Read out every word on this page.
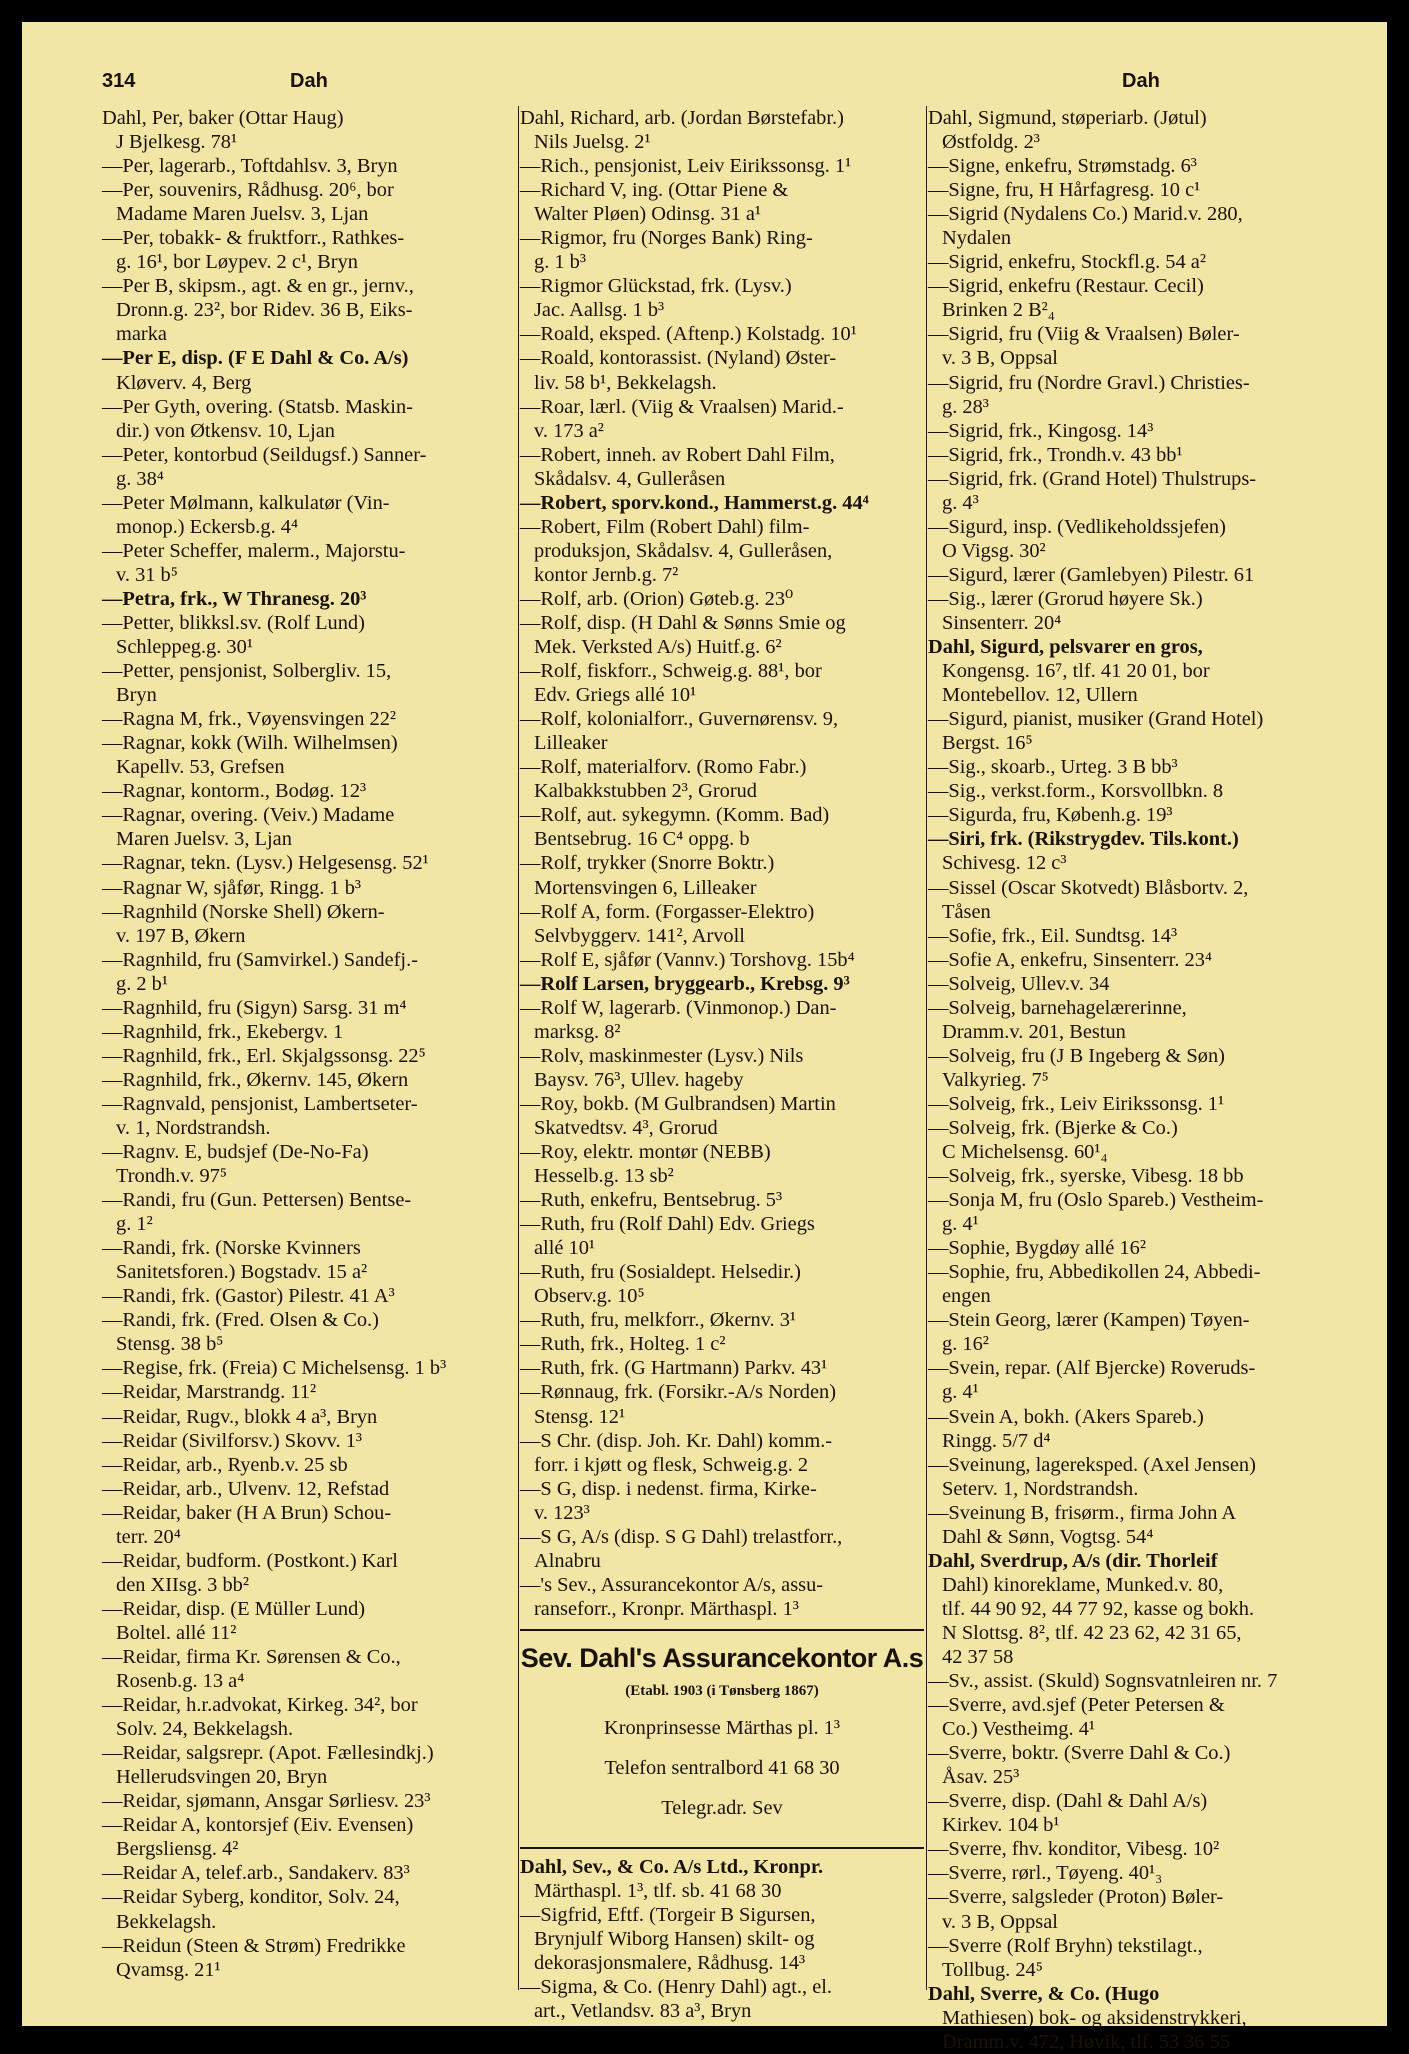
314	Dah	Dah
Dahl, Per, baker (Ottar Haug)
J Bjelkesg. 78¹
—Per, lagerarb., Toftdahlsv. 3, Bryn
—Per, souvenirs, Rådhusg. 20⁶, bor
Madame Maren Juelsv. 3, Ljan
—Per, tobakk- & fruktforr., Rathkes-
g. 16¹, bor Løypev. 2 c¹, Bryn
—Per B, skipsm., agt. & en gr., jernv.,
Dronn.g. 23², bor Ridev. 36 B, Eiks-
marka
—Per E, disp. (F E Dahl & Co. A/s)
Kløverv. 4, Berg
—Per Gyth, overing. (Statsb. Maskin-
dir.) von Øtkensv. 10, Ljan
—Peter, kontorbud (Seildugsf.) Sanner-
g. 38⁴
—Peter Mølmann, kalkulatør (Vin-
monop.) Eckersb.g. 4⁴
—Peter Scheffer, malerm., Majorstu-
v. 31 b⁵
—Petra, frk., W Thranesg. 20³
—Petter, blikksl.sv. (Rolf Lund)
Schleppeg.g. 30¹
—Petter, pensjonist, Solbergliv. 15,
Bryn
—Ragna M, frk., Vøyensvingen 22²
—Ragnar, kokk (Wilh. Wilhelmsen)
Kapellv. 53, Grefsen
—Ragnar, kontorm., Bodøg. 12³
—Ragnar, overing. (Veiv.) Madame
Maren Juelsv. 3, Ljan
—Ragnar, tekn. (Lysv.) Helgesensg. 52¹
—Ragnar W, sjåfør, Ringg. 1 b³
—Ragnhild (Norske Shell) Økern-
v. 197 B, Økern
—Ragnhild, fru (Samvirkel.) Sandefj.-
g. 2 b¹
—Ragnhild, fru (Sigyn) Sarsg. 31 m⁴
—Ragnhild, frk., Ekebergv. 1
—Ragnhild, frk., Erl. Skjalgssonsg. 22⁵
—Ragnhild, frk., Økernv. 145, Økern
—Ragnvald, pensjonist, Lambertseter-
v. 1, Nordstrandsh.
—Ragnv. E, budsjef (De-No-Fa)
Trondh.v. 97⁵
—Randi, fru (Gun. Pettersen) Bentse-
g. 1²
—Randi, frk. (Norske Kvinners
Sanitetsforen.) Bogstadv. 15 a²
—Randi, frk. (Gastor) Pilestr. 41 A³
—Randi, frk. (Fred. Olsen & Co.)
Stensg. 38 b⁵
—Regise, frk. (Freia) C Michelsensg. 1 b³
—Reidar, Marstrandg. 11²
—Reidar, Rugv., blokk 4 a³, Bryn
—Reidar (Sivilforsv.) Skovv. 1³
—Reidar, arb., Ryenb.v. 25 sb
—Reidar, arb., Ulvenv. 12, Refstad
—Reidar, baker (H A Brun) Schou-
terr. 20⁴
—Reidar, budform. (Postkont.) Karl
den XIIsg. 3 bb²
—Reidar, disp. (E Müller Lund)
Boltel. allé 11²
—Reidar, firma Kr. Sørensen & Co.,
Rosenb.g. 13 a⁴
—Reidar, h.r.advokat, Kirkeg. 34², bor
Solv. 24, Bekkelagsh.
—Reidar, salgsrepr. (Apot. Fællesindkj.)
Hellerudsvingen 20, Bryn
—Reidar, sjømann, Ansgar Sørliesv. 23³
—Reidar A, kontorsjef (Eiv. Evensen)
Bergsliensg. 4²
—Reidar A, telef.arb., Sandakerv. 83³
—Reidar Syberg, konditor, Solv. 24,
Bekkelagsh.
—Reidun (Steen & Strøm) Fredrikke
Qvamsg. 21¹
Dahl, Richard, arb. (Jordan Børstefabr.)
Nils Juelsg. 2¹
—Rich., pensjonist, Leiv Eirikssonsg. 1¹
—Richard V, ing. (Ottar Piene &
Walter Pløen) Odinsg. 31 a¹
—Rigmor, fru (Norges Bank) Ring-
g. 1 b³
—Rigmor Glückstad, frk. (Lysv.)
Jac. Aallsg. 1 b³
—Roald, eksped. (Aftenp.) Kolstadg. 10¹
—Roald, kontorassist. (Nyland) Øster-
liv. 58 b¹, Bekkelagsh.
—Roar, lærl. (Viig & Vraalsen) Marid.-
v. 173 a²
—Robert, inneh. av Robert Dahl Film,
Skådalsv. 4, Gulleråsen
—Robert, sporv.kond., Hammerst.g. 44⁴
—Robert, Film (Robert Dahl) film-
produksjon, Skådalsv. 4, Gulleråsen,
kontor Jernb.g. 7²
—Rolf, arb. (Orion) Gøteb.g. 23⁰
—Rolf, disp. (H Dahl & Sønns Smie og
Mek. Verksted A/s) Huitf.g. 6²
—Rolf, fiskforr., Schweig.g. 88¹, bor
Edv. Griegs allé 10¹
—Rolf, kolonialforr., Guvernørensv. 9,
Lilleaker
—Rolf, materialforv. (Romo Fabr.)
Kalbakkstubben 2³, Grorud
—Rolf, aut. sykegymn. (Komm. Bad)
Bentsebrug. 16 C⁴ oppg. b
—Rolf, trykker (Snorre Boktr.)
Mortensvingen 6, Lilleaker
—Rolf A, form. (Forgasser-Elektro)
Selvbyggerv. 141², Arvoll
—Rolf E, sjåfør (Vannv.) Torshovg. 15b⁴
—Rolf Larsen, bryggearb., Krebsg. 9³
—Rolf W, lagerarb. (Vinmonop.) Dan-
marksg. 8²
—Rolv, maskinmester (Lysv.) Nils
Baysv. 76³, Ullev. hageby
—Roy, bokb. (M Gulbrandsen) Martin
Skatvedtsv. 4³, Grorud
—Roy, elektr. montør (NEBB)
Hesselb.g. 13 sb²
—Ruth, enkefru, Bentsebrug. 5³
—Ruth, fru (Rolf Dahl) Edv. Griegs
allé 10¹
—Ruth, fru (Sosialdept. Helsedir.)
Observ.g. 10⁵
—Ruth, fru, melkforr., Økernv. 3¹
—Ruth, frk., Holteg. 1 c²
—Ruth, frk. (G Hartmann) Parkv. 43¹
—Rønnaug, frk. (Forsikr.-A/s Norden)
Stensg. 12¹
—S Chr. (disp. Joh. Kr. Dahl) komm.-
forr. i kjøtt og flesk, Schweig.g. 2
—S G, disp. i nedenst. firma, Kirke-
v. 123³
—S G, A/s (disp. S G Dahl) trelastforr.,
Alnabru
—'s Sev., Assurancekontor A/s, assu-
ranseforr., Kronpr. Märthaspl. 1³
Sev. Dahl's Assurancekontor A.s
(Etabl. 1903 (i Tønsberg 1867)
Kronprinsesse Märthas pl. 1³
Telefon sentralbord 41 68 30
Telegr.adr. Sev
Dahl, Sev., & Co. A/s Ltd., Kronpr.
Märthaspl. 1³, tlf. sb. 41 68 30
—Sigfrid, Eftf. (Torgeir B Sigursen,
Brynjulf Wiborg Hansen) skilt- og
dekorasjonsmalere, Rådhusg. 14³
—Sigma, & Co. (Henry Dahl) agt., el.
art., Vetlandsv. 83 a³, Bryn
Dahl, Sigmund, støperiarb. (Jøtul)
Østfoldg. 2³
—Signe, enkefru, Strømstadg. 6³
—Signe, fru, H Hårfagresg. 10 c¹
—Sigrid (Nydalens Co.) Marid.v. 280,
Nydalen
—Sigrid, enkefru, Stockfl.g. 54 a²
—Sigrid, enkefru (Restaur. Cecil)
Brinken 2 B²₄
—Sigrid, fru (Viig & Vraalsen) Bøler-
v. 3 B, Oppsal
—Sigrid, fru (Nordre Gravl.) Christies-
g. 28³
—Sigrid, frk., Kingosg. 14³
—Sigrid, frk., Trondh.v. 43 bb¹
—Sigrid, frk. (Grand Hotel) Thulstrups-
g. 4³
—Sigurd, insp. (Vedlikeholdssjefen)
O Vigsg. 30²
—Sigurd, lærer (Gamlebyen) Pilestr. 61
—Sig., lærer (Grorud høyere Sk.)
Sinsenterr. 20⁴
Dahl, Sigurd, pelsvarer en gros,
Kongensg. 16⁷, tlf. 41 20 01, bor
Montebellov. 12, Ullern
—Sigurd, pianist, musiker (Grand Hotel)
Bergst. 16⁵
—Sig., skoarb., Urteg. 3 B bb³
—Sig., verkst.form., Korsvollbkn. 8
—Sigurda, fru, Københ.g. 19³
—Siri, frk. (Rikstrygdev. Tils.kont.)
Schivesg. 12 c³
—Sissel (Oscar Skotvedt) Blåsbortv. 2,
Tåsen
—Sofie, frk., Eil. Sundtsg. 14³
—Sofie A, enkefru, Sinsenterr. 23⁴
—Solveig, Ullev.v. 34
—Solveig, barnehagelærerinne,
Dramm.v. 201, Bestun
—Solveig, fru (J B Ingeberg & Søn)
Valkyrieg. 7⁵
—Solveig, frk., Leiv Eirikssonsg. 1¹
—Solveig, frk. (Bjerke & Co.)
C Michelsensg. 60¹₄
—Solveig, frk., syerske, Vibesg. 18 bb
—Sonja M, fru (Oslo Spareb.) Vestheim-
g. 4¹
—Sophie, Bygdøy allé 16²
—Sophie, fru, Abbedikollen 24, Abbedi-
engen
—Stein Georg, lærer (Kampen) Tøyen-
g. 16²
—Svein, repar. (Alf Bjercke) Roveruds-
g. 4¹
—Svein A, bokh. (Akers Spareb.)
Ringg. 5/7 d⁴
—Sveinung, lagereksped. (Axel Jensen)
Seterv. 1, Nordstrandsh.
—Sveinung B, frisørm., firma John A
Dahl & Sønn, Vogtsg. 54⁴
Dahl, Sverdrup, A/s (dir. Thorleif
Dahl) kinoreklame, Munked.v. 80,
tlf. 44 90 92, 44 77 92, kasse og bokh.
N Slottsg. 8², tlf. 42 23 62, 42 31 65,
42 37 58
—Sv., assist. (Skuld) Sognsvatnleiren nr. 7
—Sverre, avd.sjef (Peter Petersen &
Co.) Vestheimg. 4¹
—Sverre, boktr. (Sverre Dahl & Co.)
Åsav. 25³
—Sverre, disp. (Dahl & Dahl A/s)
Kirkev. 104 b¹
—Sverre, fhv. konditor, Vibesg. 10²
—Sverre, rørl., Tøyeng. 40¹₃
—Sverre, salgsleder (Proton) Bøler-
v. 3 B, Oppsal
—Sverre (Rolf Bryhn) tekstilagt.,
Tollbug. 24⁵
Dahl, Sverre, & Co. (Hugo
Mathiesen) bok- og aksidenstrykkeri,
Dramm.v. 472, Høvik, tlf. 53 36 55
